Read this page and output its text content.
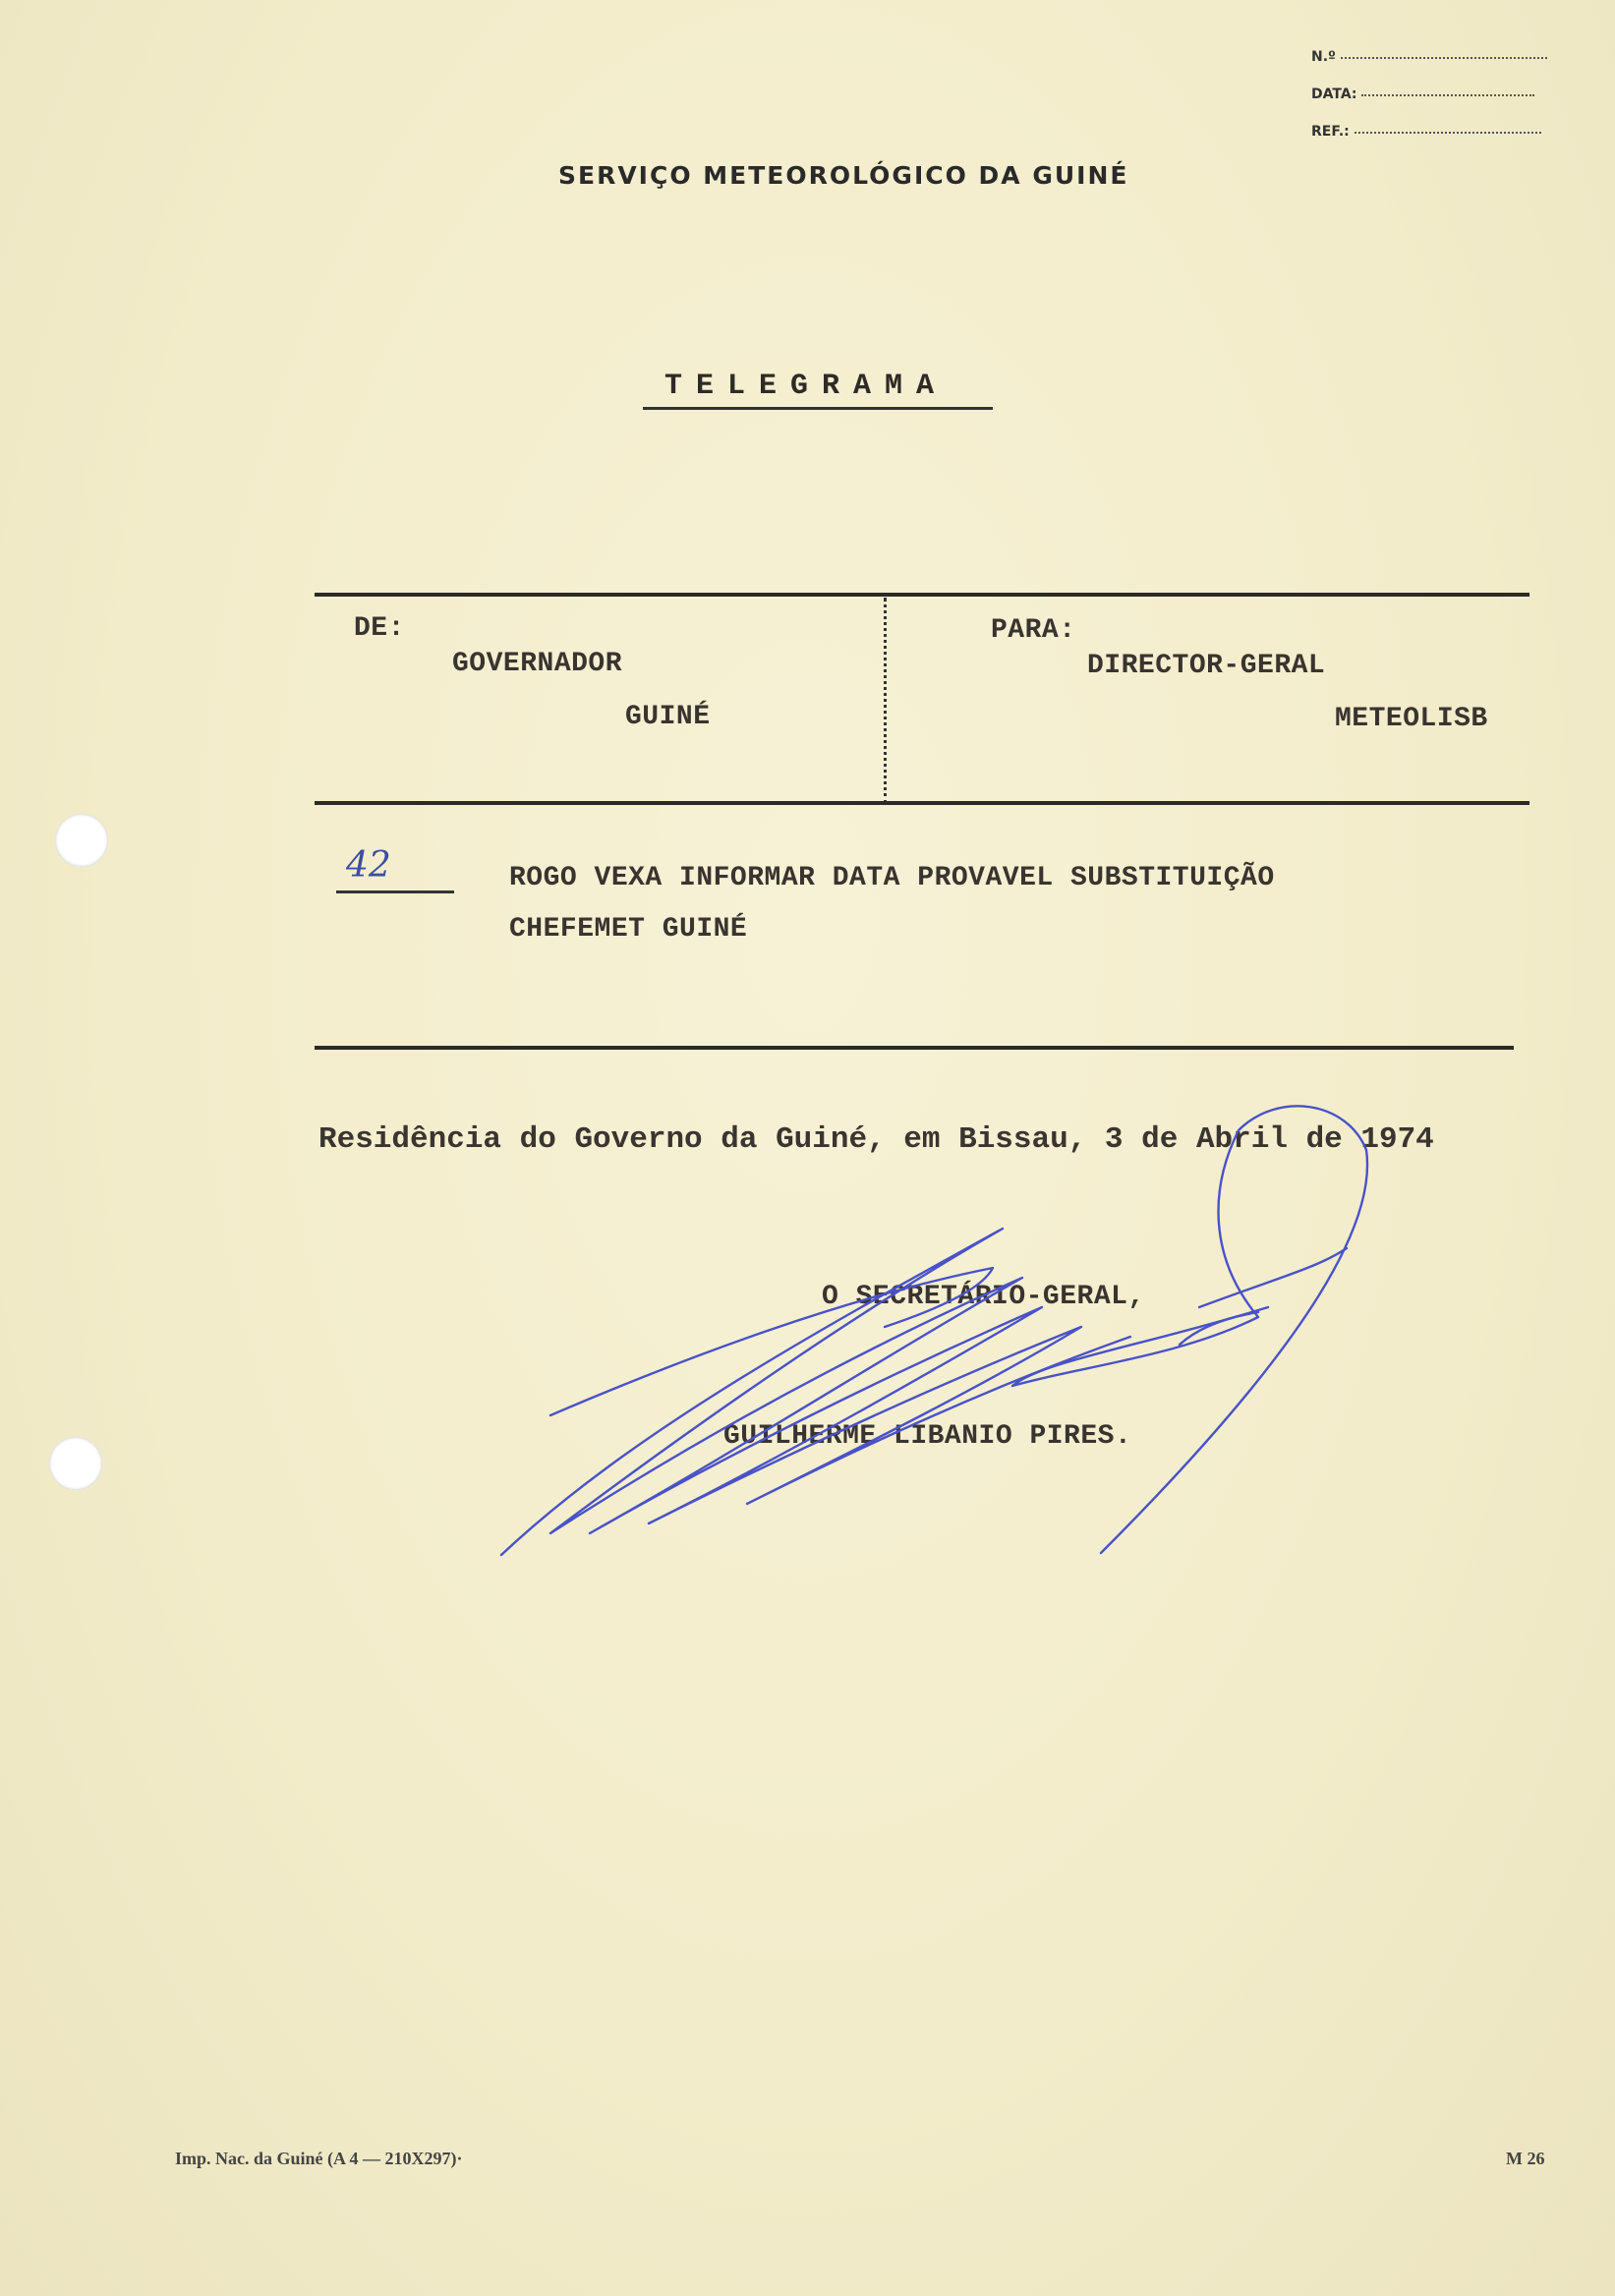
N.º
DATA:
REF.:
SERVIÇO METEOROLÓGICO DA GUINÉ
TELEGRAMA
DE:
GOVERNADOR
GUINÉ
PARA:
DIRECTOR-GERAL
METEOLISB
42	ROGO VEXA INFORMAR DATA PROVAVEL SUBSTITUIÇÃO
CHEFEMET GUINÉ
Residência do Governo da Guiné, em Bissau, 3 de Abril de 1974
O SECRETÁRIO-GERAL,
GUILHERME LIBANIO PIRES.
Imp. Nac. da Guiné (A 4 — 210X297)·	M 26
